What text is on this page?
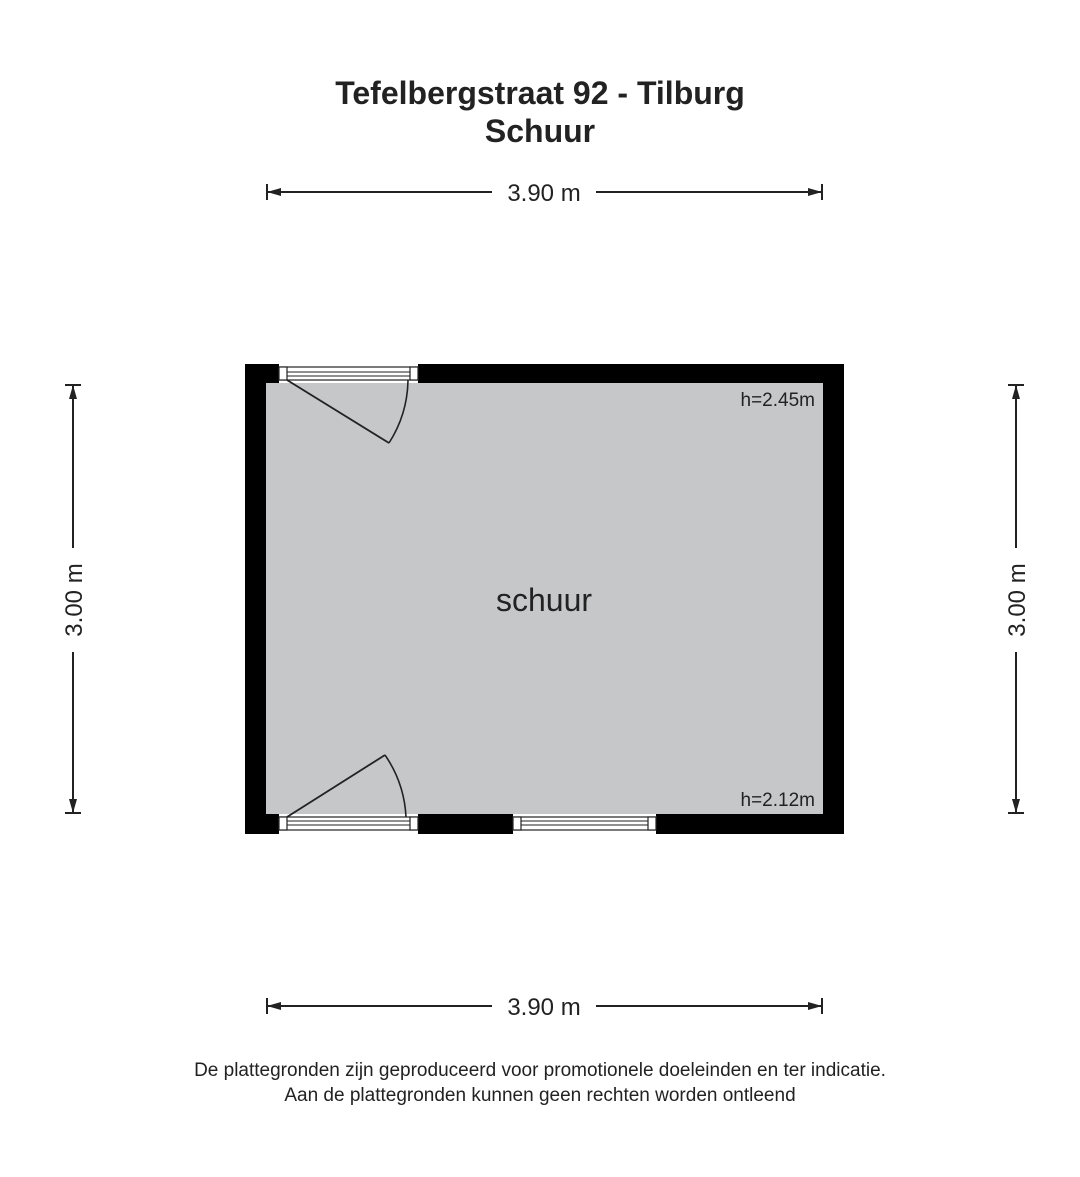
Tefelbergstraat 92 - Tilburg
Schuur
3.90 m
3.90 m
3.00 m	3.00 m
schuur
h=2.45m
h=2.12m
De plattegronden zijn geproduceerd voor promotionele doeleinden en ter indicatie.
Aan de plattegronden kunnen geen rechten worden ontleend
